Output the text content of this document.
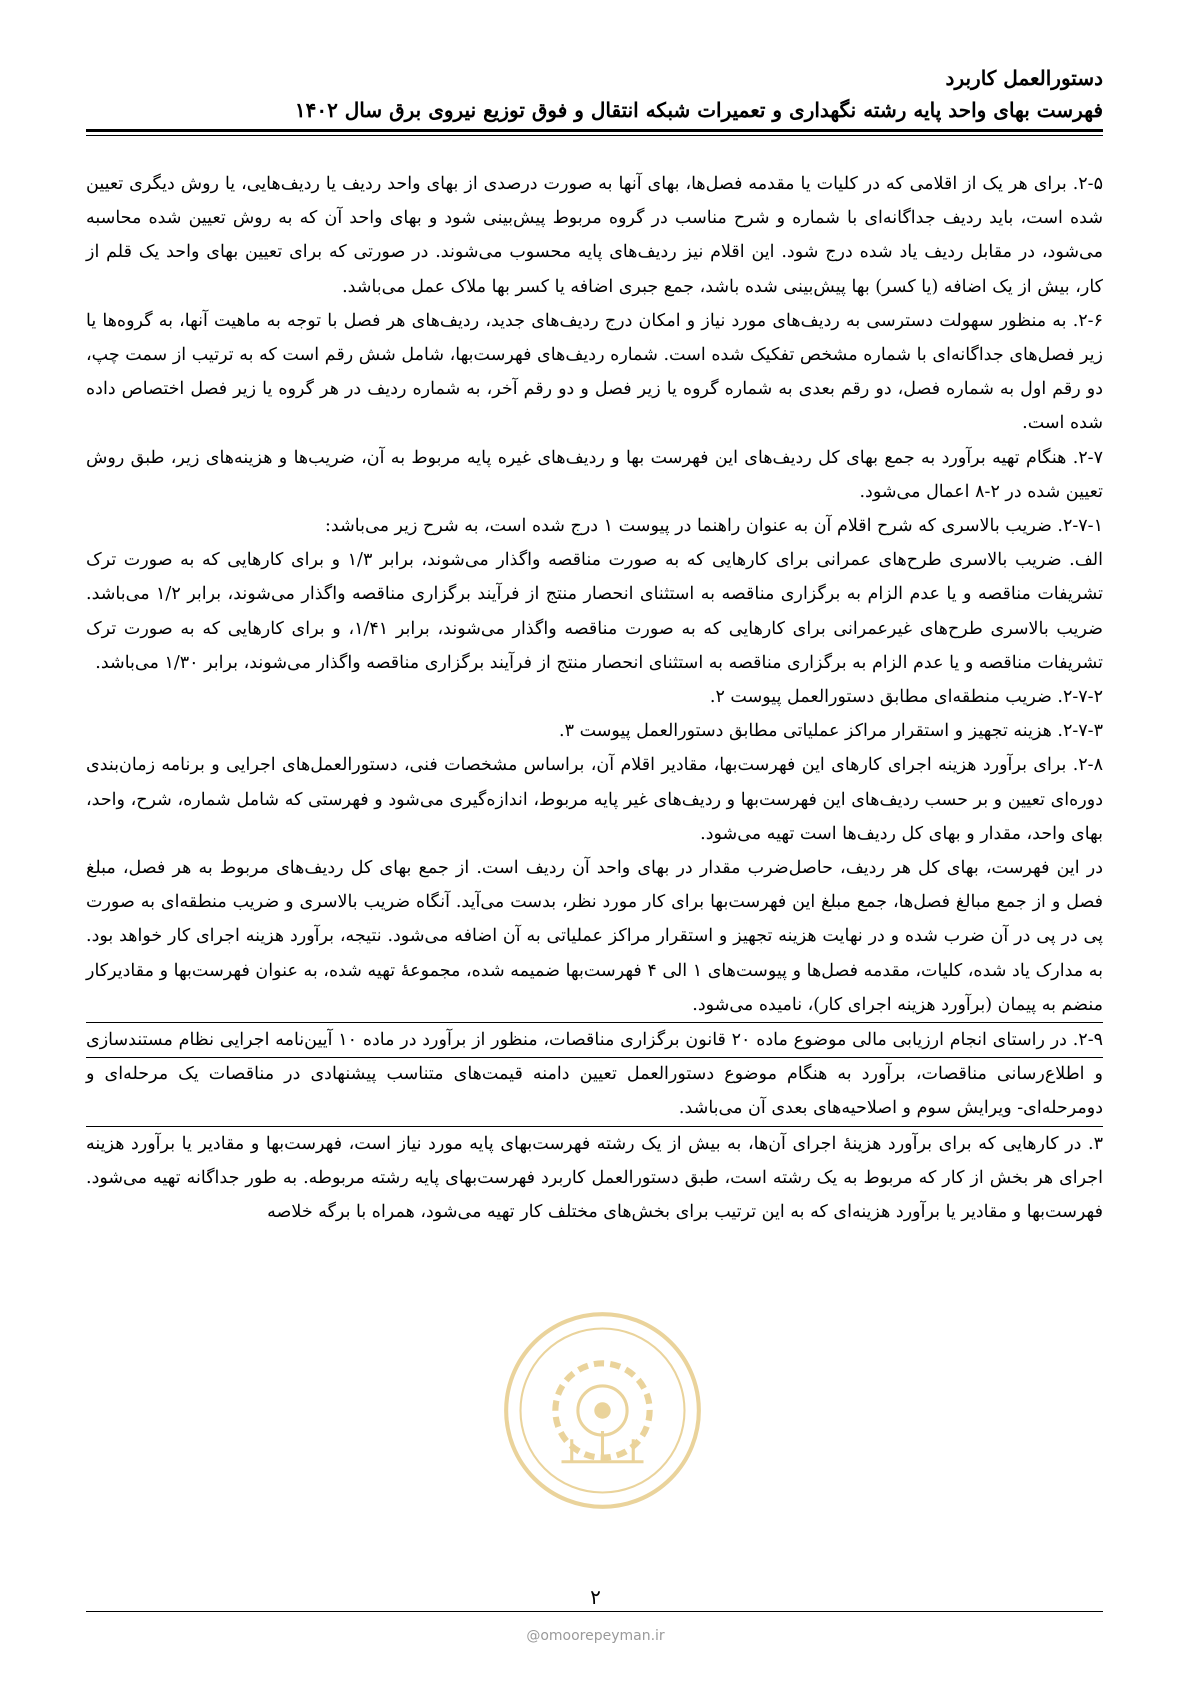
دستورالعمل کاربرد
فهرست بهای واحد پایه رشته نگهداری و تعمیرات شبکه انتقال و فوق توزیع نیروی برق سال ۱۴۰۲

۲-۵. برای هر یک از اقلامی که در کلیات یا مقدمه فصل‌ها، بهای آنها به صورت درصدی از بهای واحد ردیف یا ردیف‌هایی، یا روش دیگری تعیین شده است، باید ردیف جداگانه‌ای با شماره و شرح مناسب در گروه مربوط پیش‌بینی شود و بهای واحد آن که به روش تعیین شده محاسبه می‌شود، در مقابل ردیف یاد شده درج شود. این اقلام نیز ردیف‌های پایه محسوب می‌شوند. در صورتی که برای تعیین بهای واحد یک قلم از کار، بیش از یک اضافه (یا کسر) بها پیش‌بینی شده باشد، جمع جبری اضافه یا کسر بها ملاک عمل می‌باشد.

۲-۶. به منظور سهولت دسترسی به ردیف‌های مورد نیاز و امکان درج ردیف‌های جدید، ردیف‌های هر فصل با توجه به ماهیت آنها، به گروه‌ها یا زیر فصل‌های جداگانه‌ای با شماره مشخص تفکیک شده است. شماره ردیف‌های فهرست‌بها، شامل شش رقم است که به ترتیب از سمت چپ، دو رقم اول به شماره فصل، دو رقم بعدی به شماره گروه یا زیر فصل و دو رقم آخر، به شماره ردیف در هر گروه یا زیر فصل اختصاص داده شده است.

۲-۷. هنگام تهیه برآورد به جمع بهای کل ردیف‌های این فهرست بها و ردیف‌های غیره پایه مربوط به آن، ضریب‌ها و هزینه‌های زیر، طبق روش تعیین شده در ۲-۸ اعمال می‌شود.

۲-۷-۱. ضریب بالاسری که شرح اقلام آن به عنوان راهنما در پیوست ۱ درج شده است، به شرح زیر می‌باشد:

الف. ضریب بالاسری طرح‌های عمرانی برای کارهایی که به صورت مناقصه واگذار می‌شوند، برابر ۱/۳ و برای کارهایی که به صورت ترک تشریفات مناقصه و یا عدم الزام به برگزاری مناقصه به استثنای انحصار منتج از فرآیند برگزاری مناقصه واگذار می‌شوند، برابر ۱/۲ می‌باشد. ضریب بالاسری طرح‌های غیرعمرانی برای کارهایی که به صورت مناقصه واگذار می‌شوند، برابر ۱/۴۱، و برای کارهایی که به صورت ترک تشریفات مناقصه و یا عدم الزام به برگزاری مناقصه به استثنای انحصار منتج از فرآیند برگزاری مناقصه واگذار می‌شوند، برابر ۱/۳۰ می‌باشد.

۲-۷-۲. ضریب منطقه‌ای مطابق دستورالعمل پیوست ۲.

۲-۷-۳. هزینه تجهیز و استقرار مراکز عملیاتی مطابق دستورالعمل پیوست ۳.

۲-۸. برای برآورد هزینه اجرای کارهای این فهرست‌بها، مقادیر اقلام آن، براساس مشخصات فنی، دستورالعمل‌های اجرایی و برنامه زمان‌بندی دوره‌ای تعیین و بر حسب ردیف‌های این فهرست‌بها و ردیف‌های غیر پایه مربوط، اندازه‌گیری می‌شود و فهرستی که شامل شماره، شرح، واحد، بهای واحد، مقدار و بهای کل ردیف‌ها است تهیه می‌شود.

در این فهرست، بهای کل هر ردیف، حاصل‌ضرب مقدار در بهای واحد آن ردیف است. از جمع بهای کل ردیف‌های مربوط به هر فصل، مبلغ فصل و از جمع مبالغ فصل‌ها، جمع مبلغ این فهرست‌بها برای کار مورد نظر، بدست می‌آید. آنگاه ضریب بالاسری و ضریب منطقه‌ای به صورت پی در پی در آن ضرب شده و در نهایت هزینه تجهیز و استقرار مراکز عملیاتی به آن اضافه می‌شود. نتیجه، برآورد هزینه اجرای کار خواهد بود. به مدارک یاد شده، کلیات، مقدمه فصل‌ها و پیوست‌های ۱ الی ۴ فهرست‌بها ضمیمه شده، مجموعهٔ تهیه شده، به عنوان فهرست‌بها و مقادیرکار منضم به پیمان (برآورد هزینه اجرای کار)، نامیده می‌شود.

۲-۹. در راستای انجام ارزیابی مالی موضوع ماده ۲۰ قانون برگزاری مناقصات، منظور از برآورد در ماده ۱۰ آیین‌نامه اجرایی نظام مستندسازی و اطلاع‌رسانی مناقصات، برآورد به هنگام موضوع دستورالعمل تعیین دامنه قیمت‌های متناسب پیشنهادی در مناقصات یک مرحله‌ای و دومرحله‌ای- ویرایش سوم و اصلاحیه‌های بعدی آن می‌باشد.

۳. در کارهایی که برای برآورد هزینهٔ اجرای آن‌ها، به بیش از یک رشته فهرست‌بهای پایه مورد نیاز است، فهرست‌بها و مقادیر یا برآورد هزینه اجرای هر بخش از کار که مربوط به یک رشته است، طبق دستورالعمل کاربرد فهرست‌بهای پایه رشته مربوطه. به طور جداگانه تهیه می‌شود. فهرست‌بها و مقادیر یا برآورد هزینه‌ای که به این ترتیب برای بخش‌های مختلف کار تهیه می‌شود، همراه با برگه خلاصه

۲
@omoorepeyman.ir
